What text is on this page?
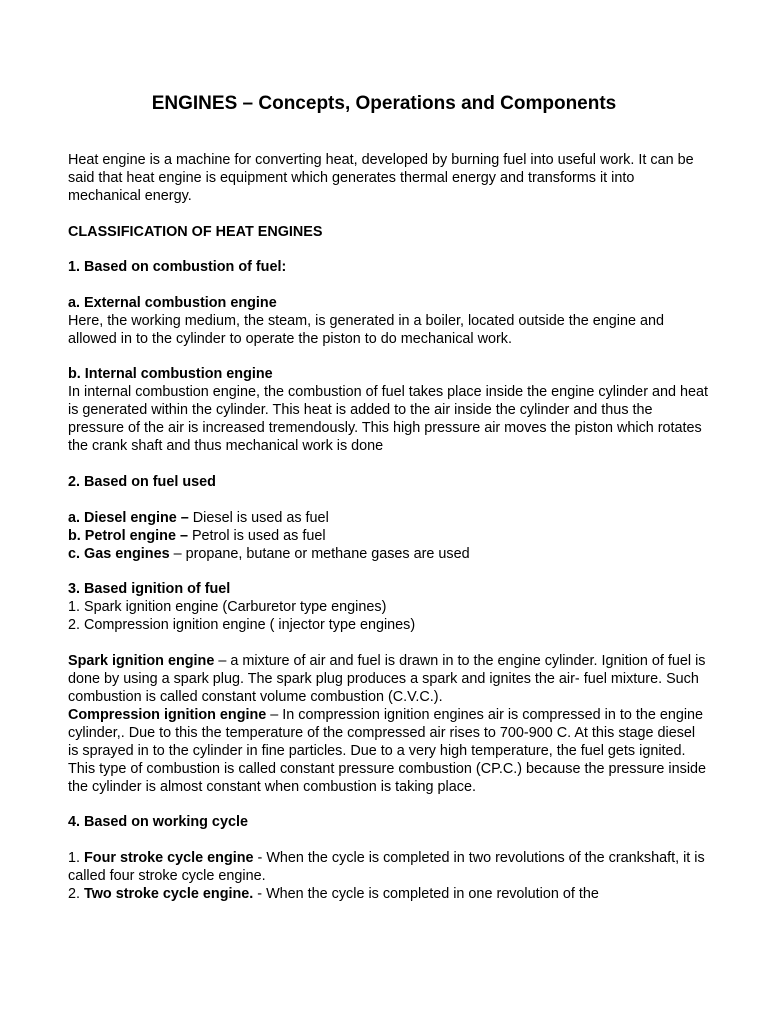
ENGINES – Concepts, Operations and Components

Heat engine is a machine for converting heat, developed by burning fuel into useful work. It can be said that heat engine is equipment which generates thermal energy and transforms it into mechanical energy.

CLASSIFICATION OF HEAT ENGINES

1. Based on combustion of fuel:

a. External combustion engine

Here, the working medium, the steam, is generated in a boiler, located outside the engine and allowed in to the cylinder to operate the piston to do mechanical work.

b. Internal combustion engine

In internal combustion engine, the combustion of fuel takes place inside the engine cylinder and heat is generated within the cylinder. This heat is added to the air inside the cylinder and thus the pressure of the air is increased tremendously. This high pressure air moves the piston which rotates the crank shaft and thus mechanical work is done

2. Based on fuel used

a. Diesel engine – Diesel is used as fuel

b. Petrol engine – Petrol is used as fuel

c. Gas engines – propane, butane or methane gases are used

3. Based ignition of fuel

1. Spark ignition engine (Carburetor type engines)

2. Compression ignition engine ( injector type engines)

Spark ignition engine – a mixture of air and fuel is drawn in to the engine cylinder. Ignition of fuel is done by using a spark plug. The spark plug produces a spark and ignites the air- fuel mixture. Such combustion is called constant volume combustion (C.V.C.).

Compression ignition engine – In compression ignition engines air is compressed in to the engine cylinder,. Due to this the temperature of the compressed air rises to 700-900 C. At this stage diesel is sprayed in to the cylinder in fine particles. Due to a very high temperature, the fuel gets ignited. This type of combustion is called constant pressure combustion (CP.C.) because the pressure inside the cylinder is almost constant when combustion is taking place.

4. Based on working cycle

1. Four stroke cycle engine - When the cycle is completed in two revolutions of the crankshaft, it is called four stroke cycle engine.

2. Two stroke cycle engine. - When the cycle is completed in one revolution of the
